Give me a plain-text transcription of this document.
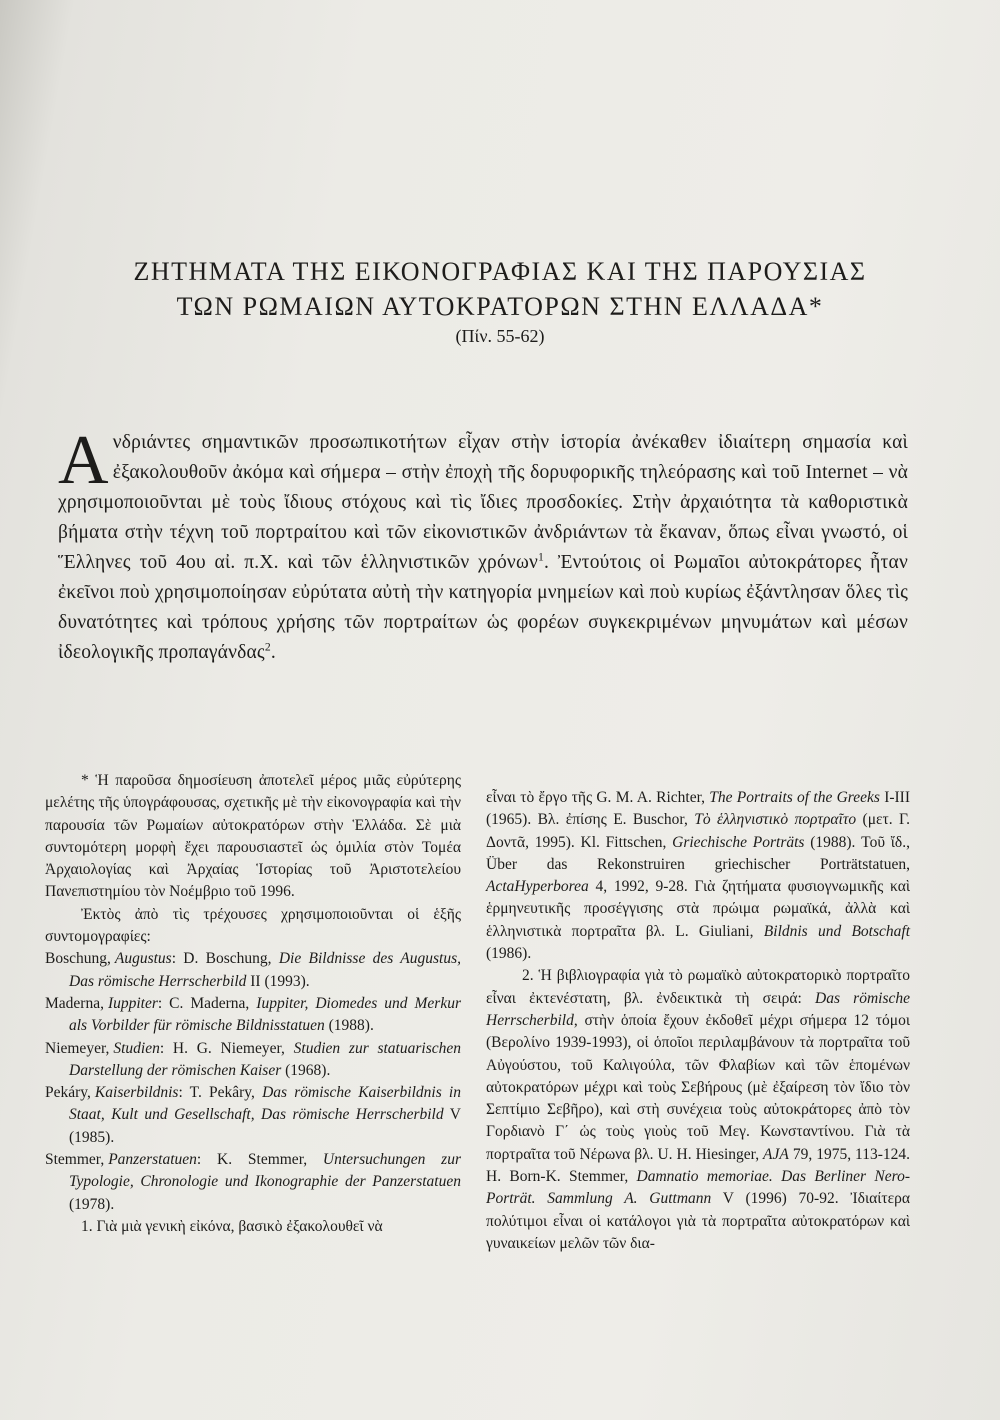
ΖΗΤΗΜΑΤΑ ΤΗΣ ΕΙΚΟΝΟΓΡΑΦΙΑΣ ΚΑΙ ΤΗΣ ΠΑΡΟΥΣΙΑΣ
ΤΩΝ ΡΩΜΑΙΩΝ ΑΥΤΟΚΡΑΤΟΡΩΝ ΣΤΗΝ ΕΛΛΑΔΑ*
(Πίν. 55-62)
Ανδριάντες σημαντικῶν προσωπικοτήτων εἶχαν στὴν ἱστορία ἀνέκαθεν ἰδιαίτερη σημασία καὶ ἐξακολουθοῦν ἀκόμα καὶ σήμερα – στὴν ἐποχὴ τῆς δορυφορικῆς τηλεόρασης καὶ τοῦ Internet – νὰ χρησιμοποιοῦνται μὲ τοὺς ἴδιους στόχους καὶ τὶς ἴδιες προσδοκίες. Στὴν ἀρχαιότητα τὰ καθοριστικὰ βήματα στὴν τέχνη τοῦ πορτραίτου καὶ τῶν εἰκονιστικῶν ἀνδριάντων τὰ ἔκαναν, ὅπως εἶναι γνωστό, οἱ Ἕλληνες τοῦ 4ου αἰ. π.Χ. καὶ τῶν ἑλληνιστικῶν χρόνων$^1$. Ἐντούτοις οἱ Ρωμαῖοι αὐτοκράτορες ἦταν ἐκεῖνοι ποὺ χρησιμοποίησαν εὐρύτατα αὐτὴ τὴν κατηγορία μνημείων καὶ ποὺ κυρίως ἐξάντλησαν ὅλες τὶς δυνατότητες καὶ τρόπους χρήσης τῶν πορτραίτων ὡς φορέων συγκεκριμένων μηνυμάτων καὶ μέσων ἰδεολογικῆς προπαγάνδας$^2$.

* Ἡ παροῦσα δημοσίευση ἀποτελεῖ μέρος μιᾶς εὐρύτερης μελέτης τῆς ὑπογράφουσας, σχετικῆς μὲ τὴν εἰκονογραφία καὶ τὴν παρουσία τῶν Ρωμαίων αὐτοκρατόρων στὴν Ἑλλάδα. Σὲ μιὰ συντομότερη μορφὴ ἔχει παρουσιαστεῖ ὡς ὁμιλία στὸν Τομέα Ἀρχαιολογίας καὶ Ἀρχαίας Ἱστορίας τοῦ Ἀριστοτελείου Πανεπιστημίου τὸν Νοέμβριο τοῦ 1996.

Ἐκτὸς ἀπὸ τὶς τρέχουσες χρησιμοποιοῦνται οἱ ἑξῆς συντομογραφίες:

Boschung, Augustus: D. Boschung, Die Bildnisse des Augustus, Das römische Herrscherbild II (1993).

Maderna, Iuppiter: C. Maderna, Iuppiter, Diomedes und Merkur als Vorbilder für römische Bildnisstatuen (1988).

Niemeyer, Studien: H. G. Niemeyer, Studien zur statuarischen Darstellung der römischen Kaiser (1968).

Pekáry, Kaiserbildnis: T. Pekâry, Das römische Kaiserbildnis in Staat, Kult und Gesellschaft, Das römische Herrscherbild V (1985).

Stemmer, Panzerstatuen: K. Stemmer, Untersuchungen zur Typologie, Chronologie und Ikonographie der Panzerstatuen (1978).

1. Γιὰ μιὰ γενικὴ εἰκόνα, βασικὸ ἐξακολουθεῖ νὰ

εἶναι τὸ ἔργο τῆς G. M. A. Richter, The Portraits of the Greeks I-III (1965). Βλ. ἐπίσης E. Buschor, Τὸ ἑλληνιστικὸ πορτραῖτο (μετ. Γ. Δοντᾶ, 1995). Kl. Fittschen, Griechische Porträts (1988). Τοῦ ἴδ., Über das Rekonstruiren griechischer Porträtstatuen, ActaHyperborea 4, 1992, 9-28. Γιὰ ζητήματα φυσιογνωμικῆς καὶ ἑρμηνευτικῆς προσέγγισης στὰ πρώιμα ρωμαϊκά, ἀλλὰ καὶ ἑλληνιστικὰ πορτραῖτα βλ. L. Giuliani, Bildnis und Botschaft (1986).

2. Ἡ βιβλιογραφία γιὰ τὸ ρωμαϊκὸ αὐτοκρατορικὸ πορτραῖτο εἶναι ἐκτενέστατη, βλ. ἐνδεικτικὰ τὴ σειρά: Das römische Herrscherbild, στὴν ὁποία ἔχουν ἐκδοθεῖ μέχρι σήμερα 12 τόμοι (Βερολίνο 1939-1993), οἱ ὁποῖοι περιλαμβάνουν τὰ πορτραῖτα τοῦ Αὐγούστου, τοῦ Καλιγούλα, τῶν Φλαβίων καὶ τῶν ἑπομένων αὐτοκρατόρων μέχρι καὶ τοὺς Σεβήρους (μὲ ἐξαίρεση τὸν ἴδιο τὸν Σεπτίμιο Σεβῆρο), καὶ στὴ συνέχεια τοὺς αὐτοκράτορες ἀπὸ τὸν Γορδιανὸ Γ΄ ὡς τοὺς γιοὺς τοῦ Μεγ. Κωνσταντίνου. Γιὰ τὰ πορτραῖτα τοῦ Νέρωνα βλ. U. H. Hiesinger, AJA 79, 1975, 113-124. H. Born-K. Stemmer, Damnatio memoriae. Das Berliner Nero-Porträt. Sammlung A. Guttmann V (1996) 70-92. Ἰδιαίτερα πολύτιμοι εἶναι οἱ κατάλογοι γιὰ τὰ πορτραῖτα αὐτοκρατόρων καὶ γυναικείων μελῶν τῶν δια-
